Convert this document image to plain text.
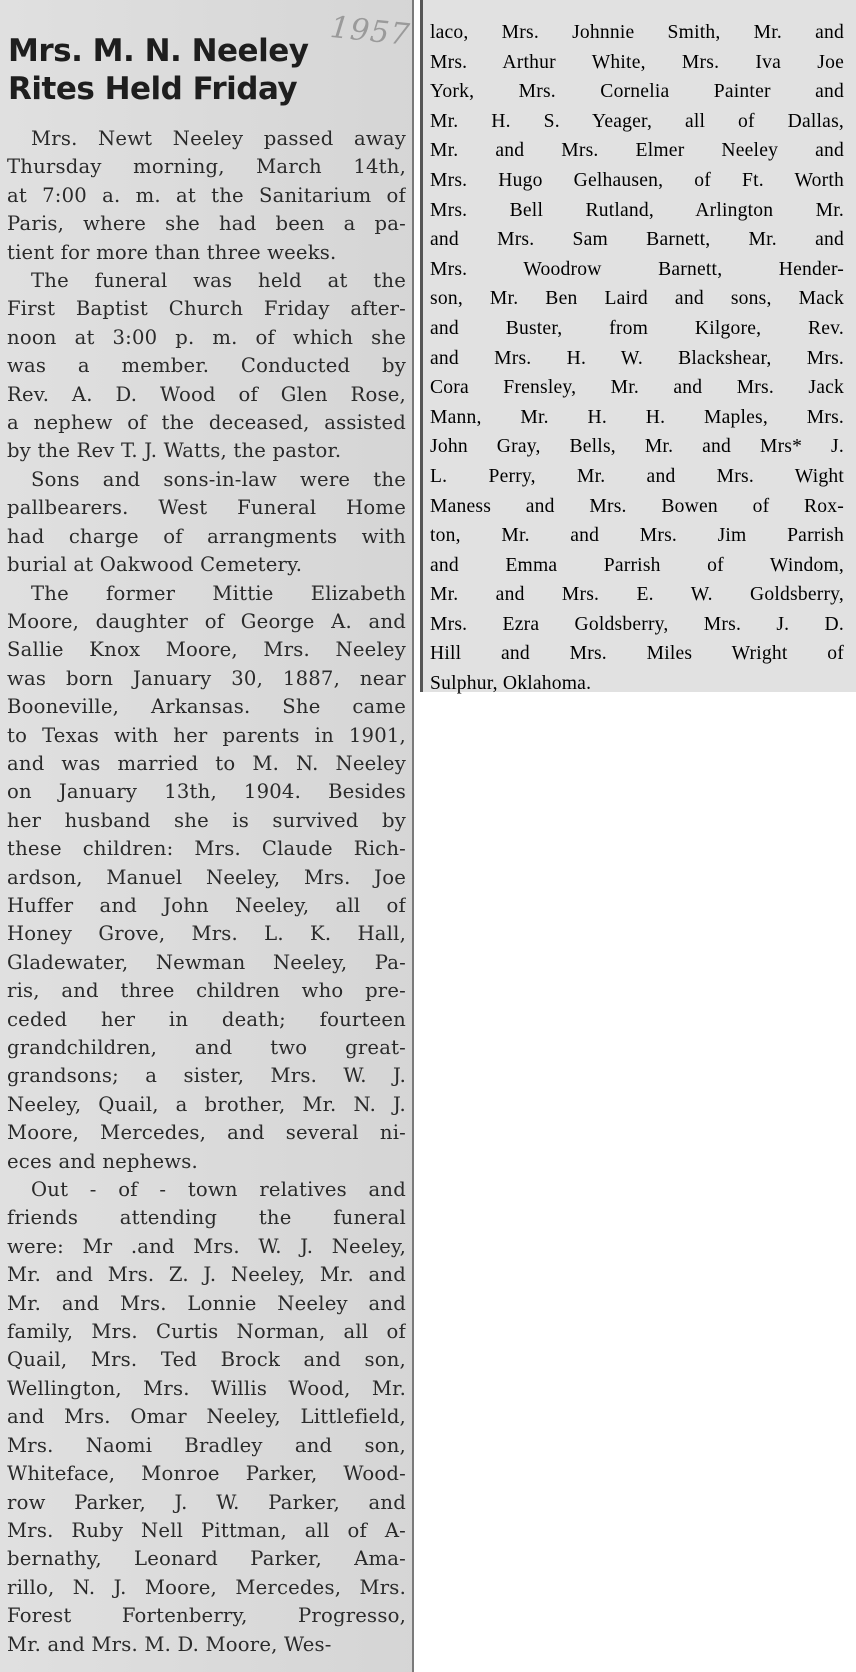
1957
Mrs. M. N. Neeley
Rites Held Friday
Mrs. Newt Neeley passed away
Thursday morning, March 14th,
at 7:00 a. m. at the Sanitarium of
Paris, where she had been a pa-
tient for more than three weeks.
The funeral was held at the
First Baptist Church Friday after-
noon at 3:00 p. m. of which she
was a member. Conducted by
Rev. A. D. Wood of Glen Rose,
a nephew of the deceased, assisted
by the Rev T. J. Watts, the pastor.
Sons and sons-in-law were the
pallbearers. West Funeral Home
had charge of arrangments with
burial at Oakwood Cemetery.
The former Mittie Elizabeth
Moore, daughter of George A. and
Sallie Knox Moore, Mrs. Neeley
was born January 30, 1887, near
Booneville, Arkansas. She came
to Texas with her parents in 1901,
and was married to M. N. Neeley
on January 13th, 1904. Besides
her husband she is survived by
these children: Mrs. Claude Rich-
ardson, Manuel Neeley, Mrs. Joe
Huffer and John Neeley, all of
Honey Grove, Mrs. L. K. Hall,
Gladewater, Newman Neeley, Pa-
ris, and three children who pre-
ceded her in death; fourteen
grandchildren, and two great-
grandsons; a sister, Mrs. W. J.
Neeley, Quail, a brother, Mr. N. J.
Moore, Mercedes, and several ni-
eces and nephews.
Out - of - town relatives and
friends attending the funeral
were: Mr .and Mrs. W. J. Neeley,
Mr. and Mrs. Z. J. Neeley, Mr. and
Mr. and Mrs. Lonnie Neeley and
family, Mrs. Curtis Norman, all of
Quail, Mrs. Ted Brock and son,
Wellington, Mrs. Willis Wood, Mr.
and Mrs. Omar Neeley, Littlefield,
Mrs. Naomi Bradley and son,
Whiteface, Monroe Parker, Wood-
row Parker, J. W. Parker, and
Mrs. Ruby Nell Pittman, all of A-
bernathy, Leonard Parker, Ama-
rillo, N. J. Moore, Mercedes, Mrs.
Forest Fortenberry, Progresso,
Mr. and Mrs. M. D. Moore, Wes-
laco, Mrs. Johnnie Smith, Mr. and
Mrs. Arthur White, Mrs. Iva Joe
York, Mrs. Cornelia Painter and
Mr. H. S. Yeager, all of Dallas,
Mr. and Mrs. Elmer Neeley and
Mrs. Hugo Gelhausen, of Ft. Worth
Mrs. Bell Rutland, Arlington Mr.
and Mrs. Sam Barnett, Mr. and
Mrs. Woodrow Barnett, Hender-
son, Mr. Ben Laird and sons, Mack
and Buster, from Kilgore, Rev.
and Mrs. H. W. Blackshear, Mrs.
Cora Frensley, Mr. and Mrs. Jack
Mann, Mr. H. H. Maples, Mrs.
John Gray, Bells, Mr. and Mrs* J.
L. Perry, Mr. and Mrs. Wight
Maness and Mrs. Bowen of Rox-
ton, Mr. and Mrs. Jim Parrish
and Emma Parrish of Windom,
Mr. and Mrs. E. W. Goldsberry,
Mrs. Ezra Goldsberry, Mrs. J. D.
Hill and Mrs. Miles Wright of
Sulphur, Oklahoma.
